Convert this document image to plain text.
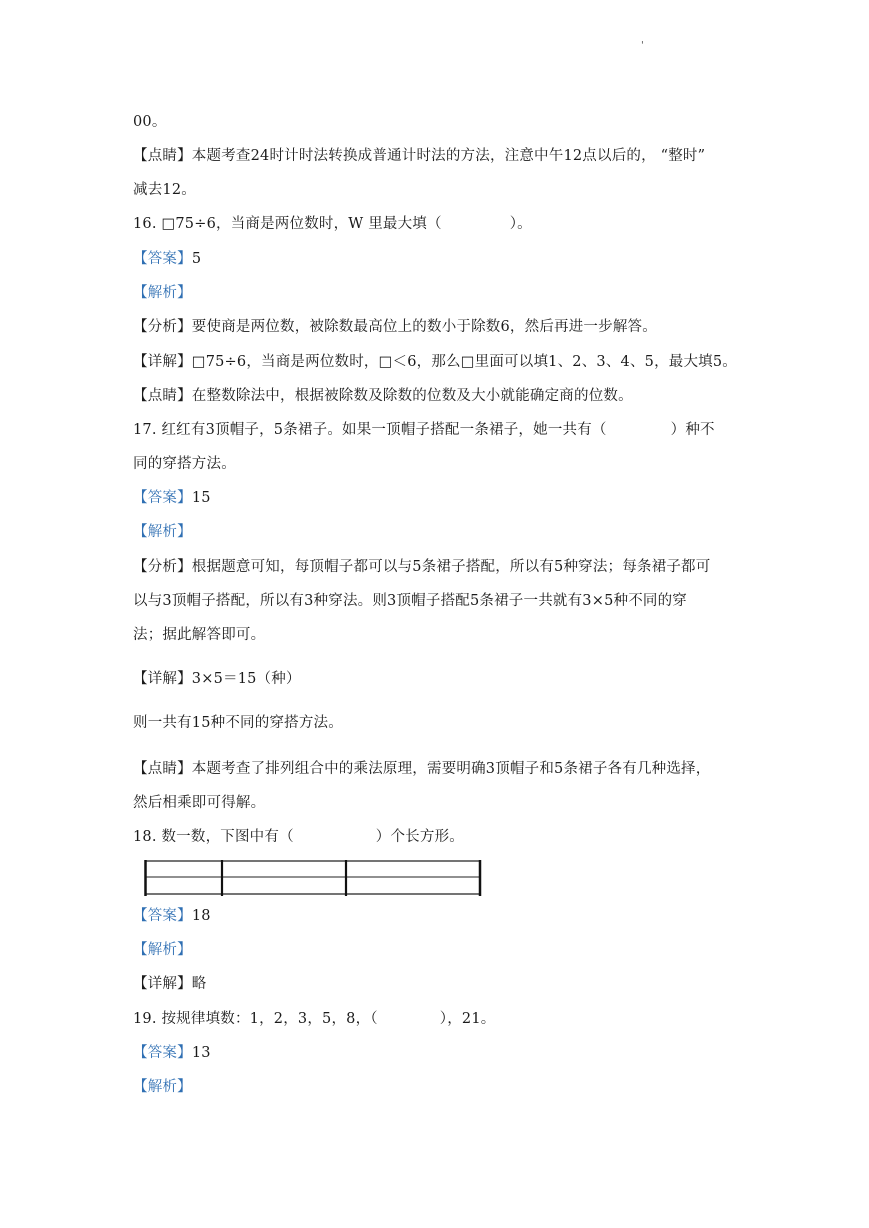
'
00。
【点睛】本题考查24时计时法转换成普通计时法的方法，注意中午12点以后的， “整时”
减去12。
16. □75÷6，当商是两位数时，W 里最大填（	）。
【答案】5
【解析】
【分析】要使商是两位数，被除数最高位上的数小于除数6，然后再进一步解答。
【详解】□75÷6，当商是两位数时，□＜6，那么□里面可以填1、2、3、4、5，最大填5。
【点睛】在整数除法中，根据被除数及除数的位数及大小就能确定商的位数。
17. 红红有3顶帽子，5条裙子。如果一顶帽子搭配一条裙子，她一共有（	）种不
同的穿搭方法。
【答案】15
【解析】
【分析】根据题意可知，每顶帽子都可以与5条裙子搭配，所以有5种穿法；每条裙子都可
以与3顶帽子搭配，所以有3种穿法。则3顶帽子搭配5条裙子一共就有3×5种不同的穿
法；据此解答即可。
【详解】3×5＝15（种）
则一共有15种不同的穿搭方法。
【点睛】本题考查了排列组合中的乘法原理，需要明确3顶帽子和5条裙子各有几种选择，
然后相乘即可得解。
18. 数一数，下图中有（	）个长方形。
【答案】18
【解析】
【详解】略
19. 按规律填数：1，2，3，5，8，（	），21。
【答案】13
【解析】
